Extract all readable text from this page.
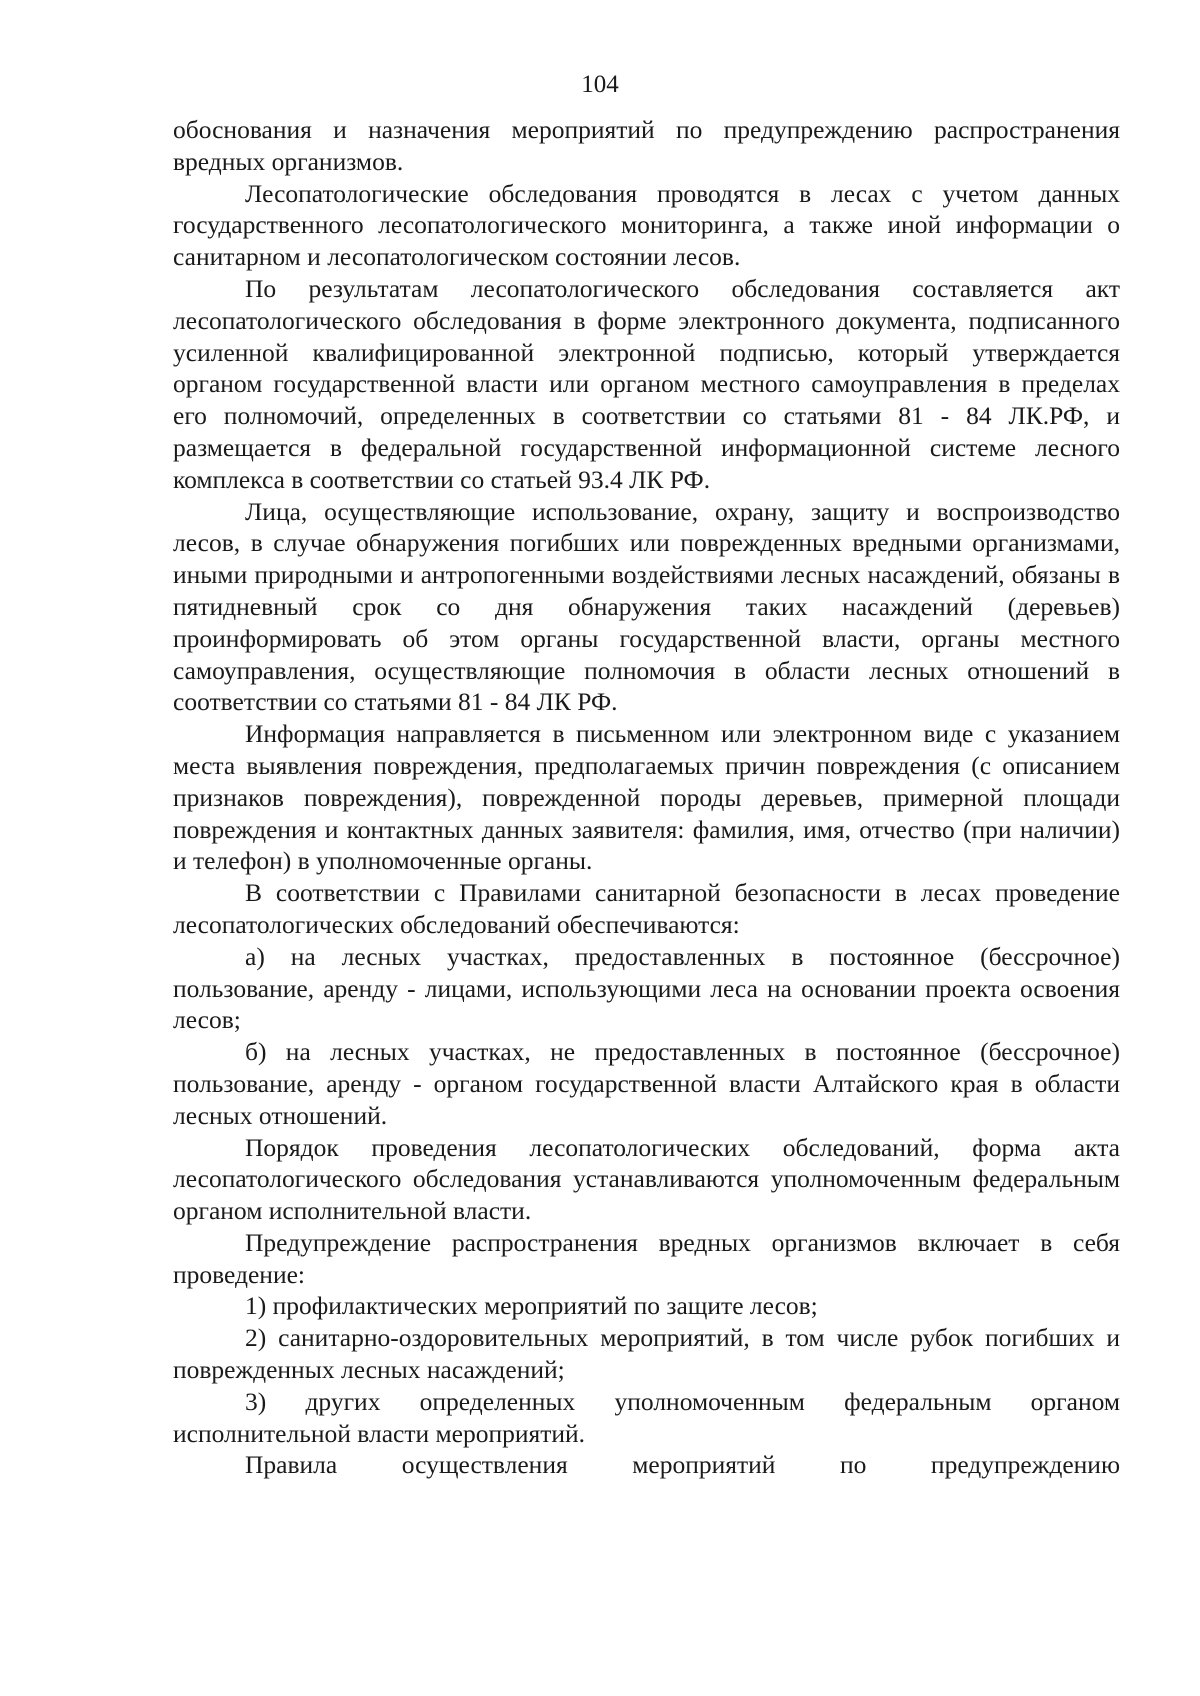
104

обоснования и назначения мероприятий по предупреждению распространения вредных организмов.

Лесопатологические обследования проводятся в лесах с учетом данных государственного лесопатологического мониторинга, а также иной информации о санитарном и лесопатологическом состоянии лесов.

По результатам лесопатологического обследования составляется акт лесопатологического обследования в форме электронного документа, подписанного усиленной квалифицированной электронной подписью, который утверждается органом государственной власти или органом местного самоуправления в пределах его полномочий, определенных в соответствии со статьями 81 - 84 ЛК.РФ, и размещается в федеральной государственной информационной системе лесного комплекса в соответствии со статьей 93.4 ЛК РФ.

Лица, осуществляющие использование, охрану, защиту и воспроизводство лесов, в случае обнаружения погибших или поврежденных вредными организмами, иными природными и антропогенными воздействиями лесных насаждений, обязаны в пятидневный срок со дня обнаружения таких насаждений (деревьев) проинформировать об этом органы государственной власти, органы местного самоуправления, осуществляющие полномочия в области лесных отношений в соответствии со статьями 81 - 84 ЛК РФ.

Информация направляется в письменном или электронном виде с указанием места выявления повреждения, предполагаемых причин повреждения (с описанием признаков повреждения), поврежденной породы деревьев, примерной площади повреждения и контактных данных заявителя: фамилия, имя, отчество (при наличии) и телефон) в уполномоченные органы.

В соответствии с Правилами санитарной безопасности в лесах проведение лесопатологических обследований обеспечиваются:

а) на лесных участках, предоставленных в постоянное (бессрочное) пользование, аренду - лицами, использующими леса на основании проекта освоения лесов;

б) на лесных участках, не предоставленных в постоянное (бессрочное) пользование, аренду - органом государственной власти Алтайского края в области лесных отношений.

Порядок проведения лесопатологических обследований, форма акта лесопатологического обследования устанавливаются уполномоченным федеральным органом исполнительной власти.

Предупреждение распространения вредных организмов включает в себя проведение:

1) профилактических мероприятий по защите лесов;

2) санитарно-оздоровительных мероприятий, в том числе рубок погибших и поврежденных лесных насаждений;

3) других определенных уполномоченным федеральным органом исполнительной власти мероприятий.

Правила осуществления мероприятий по предупреждению
